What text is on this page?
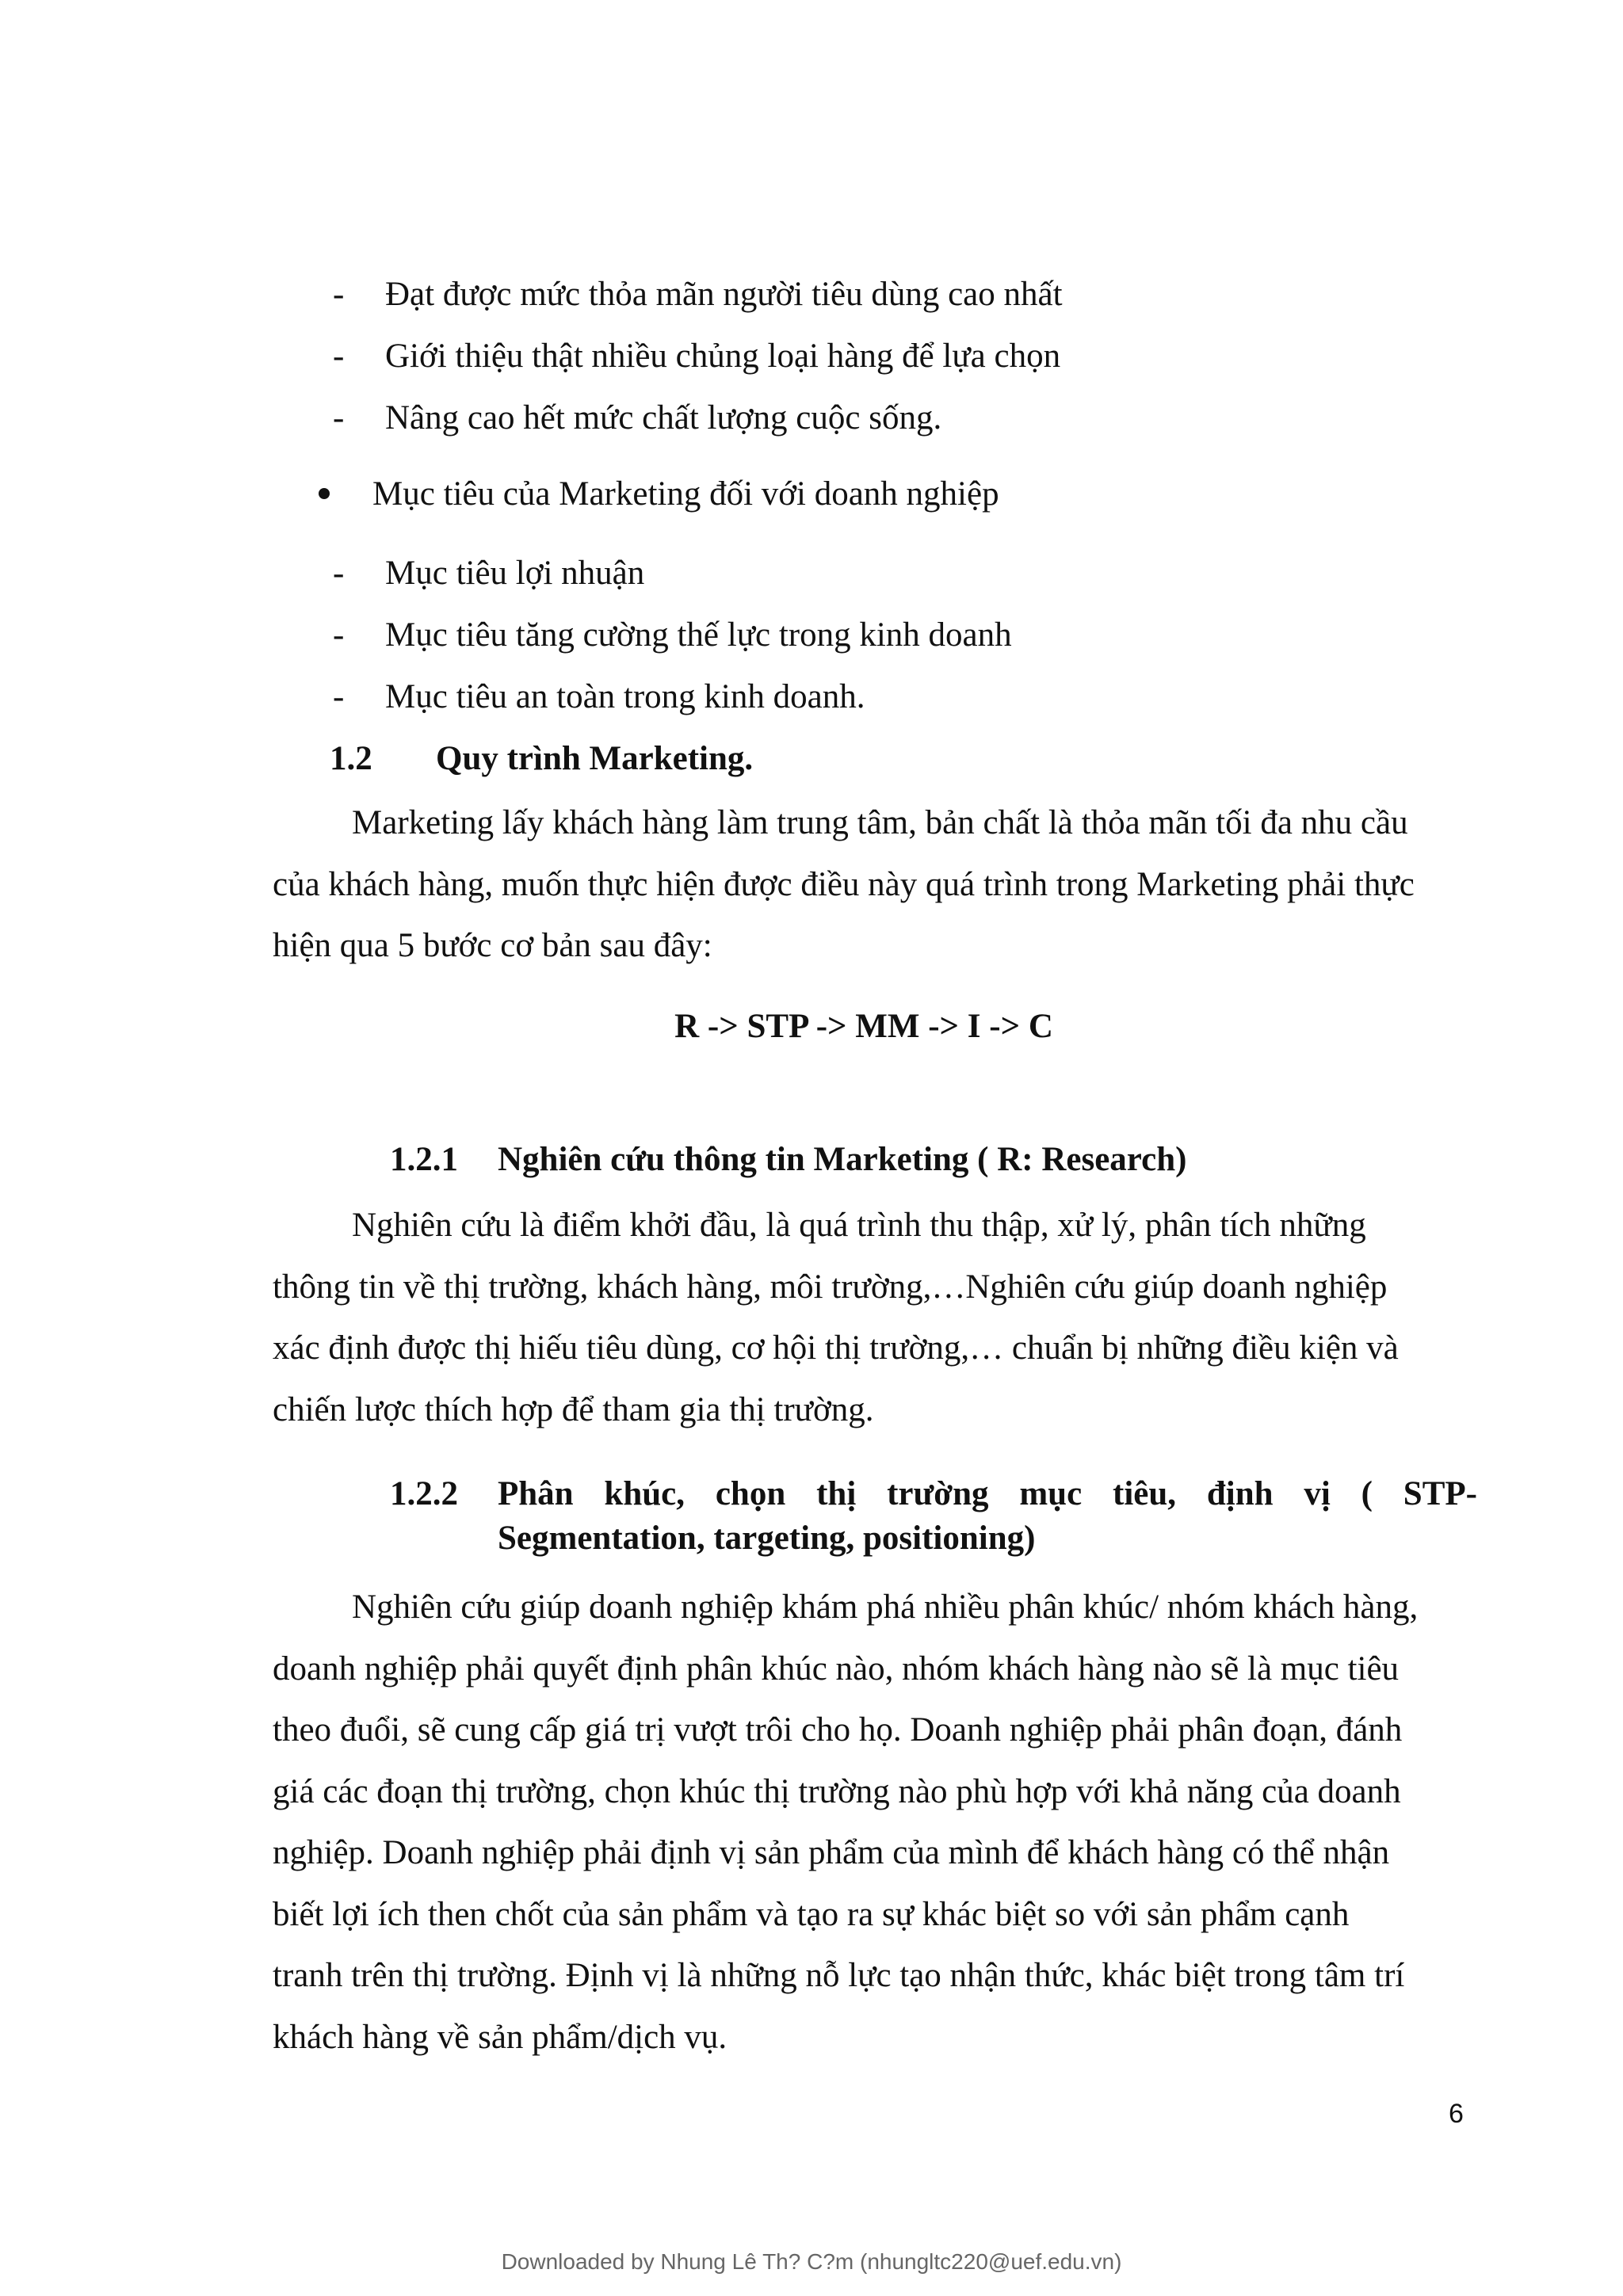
- Đạt được mức thỏa mãn người tiêu dùng cao nhất
- Giới thiệu thật nhiều chủng loại hàng để lựa chọn
- Nâng cao hết mức chất lượng cuộc sống.
Mục tiêu của Marketing đối với doanh nghiệp
- Mục tiêu lợi nhuận
- Mục tiêu tăng cường thế lực trong kinh doanh
- Mục tiêu an toàn trong kinh doanh.
1.2 Quy trình Marketing.
Marketing lấy khách hàng làm trung tâm, bản chất là thỏa mãn tối đa nhu cầu
của khách hàng, muốn thực hiện được điều này quá trình trong Marketing phải thực
hiện qua 5 bước cơ bản sau đây:
R -> STP -> MM -> I -> C
1.2.1 Nghiên cứu thông tin Marketing ( R: Research)
Nghiên cứu là điểm khởi đầu, là quá trình thu thập, xử lý, phân tích những
thông tin về thị trường, khách hàng, môi trường,…Nghiên cứu giúp doanh nghiệp
xác định được thị hiếu tiêu dùng, cơ hội thị trường,… chuẩn bị những điều kiện và
chiến lược thích hợp để tham gia thị trường.
1.2.2 Phân khúc, chọn thị trường mục tiêu, định vị ( STP-
Segmentation, targeting, positioning)
Nghiên cứu giúp doanh nghiệp khám phá nhiều phân khúc/ nhóm khách hàng,
doanh nghiệp phải quyết định phân khúc nào, nhóm khách hàng nào sẽ là mục tiêu
theo đuổi, sẽ cung cấp giá trị vượt trôi cho họ. Doanh nghiệp phải phân đoạn, đánh
giá các đoạn thị trường, chọn khúc thị trường nào phù hợp với khả năng của doanh
nghiệp. Doanh nghiệp phải định vị sản phẩm của mình để khách hàng có thể nhận
biết lợi ích then chốt của sản phẩm và tạo ra sự khác biệt so với sản phẩm cạnh
tranh trên thị trường. Định vị là những nỗ lực tạo nhận thức, khác biệt trong tâm trí
khách hàng về sản phẩm/dịch vụ.
6
Downloaded by Nhung Lê Th? C?m (nhungltc220@uef.edu.vn)
